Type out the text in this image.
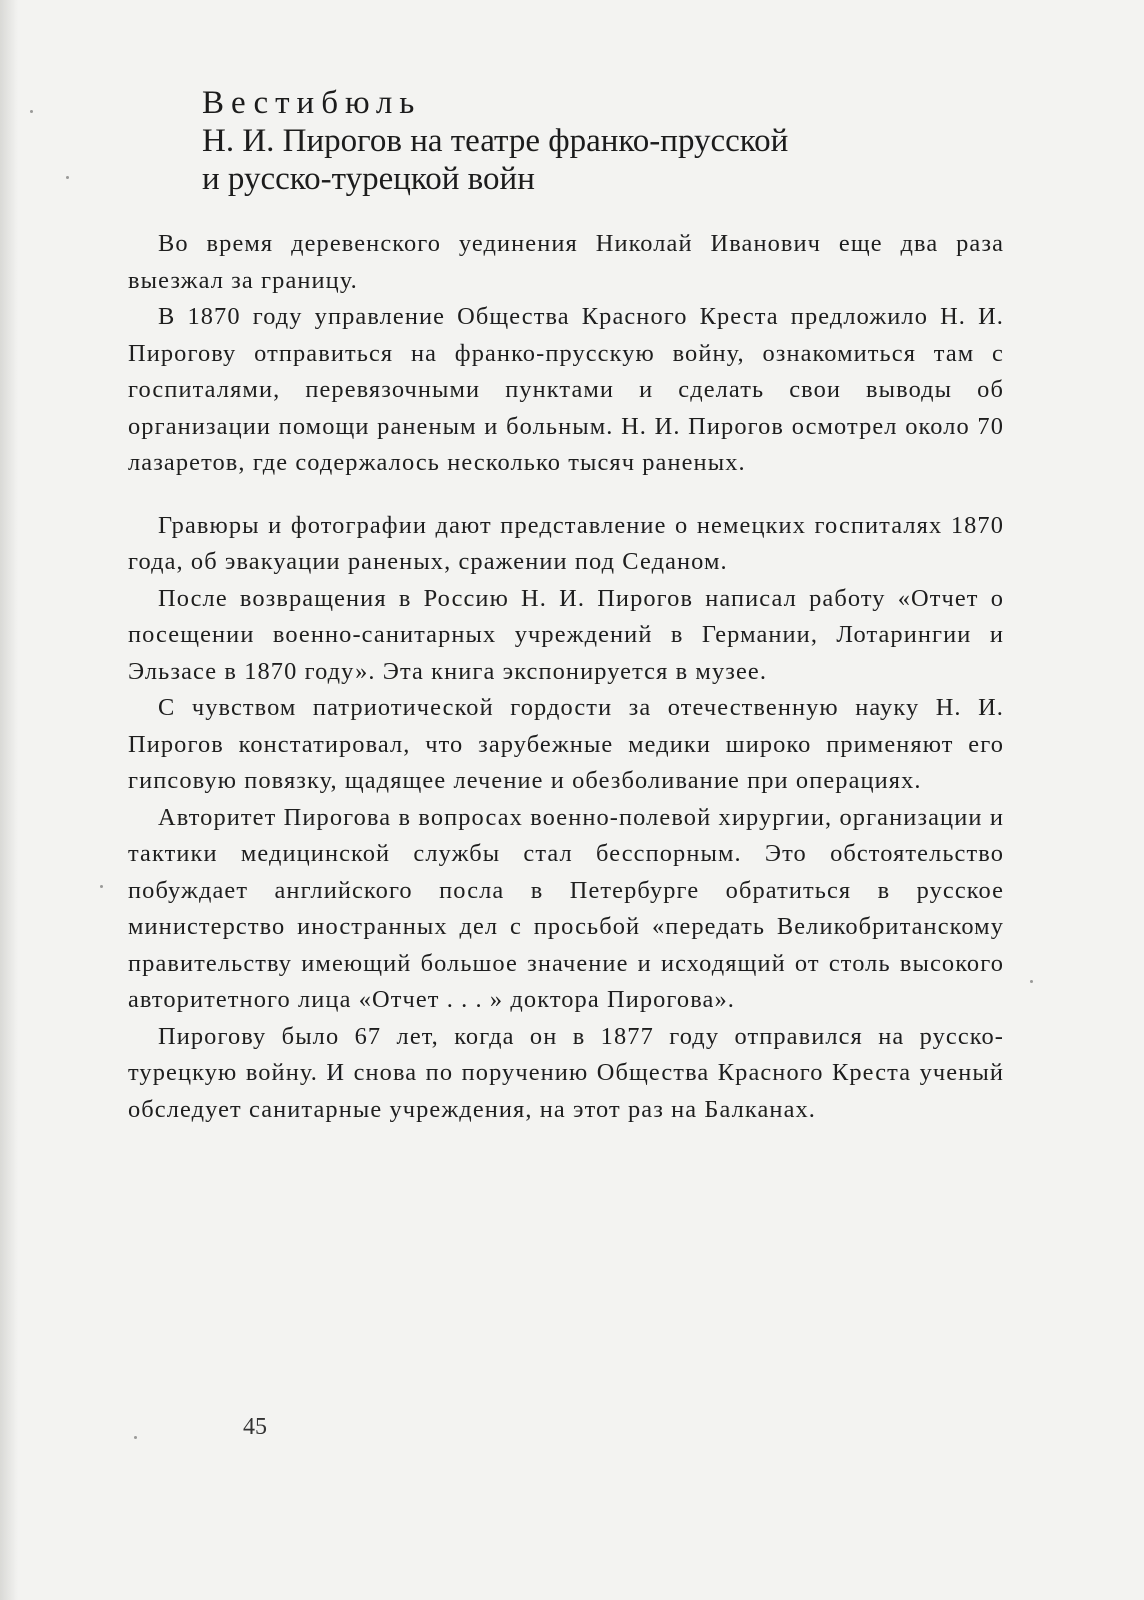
Вестибюль
Н. И. Пирогов на театре франко-прусской
и русско-турецкой войн

Во время деревенского уединения Николай Иванович еще два раза выезжал за границу.

В 1870 году управление Общества Красного Креста предложило Н. И. Пирогову отправиться на франко-прусскую войну, ознакомиться там с госпиталями, перевязочными пунктами и сделать свои выводы об организации помощи раненым и больным. Н. И. Пирогов осмотрел около 70 лазаретов, где содержалось несколько тысяч раненых.

Гравюры и фотографии дают представление о немецких госпиталях 1870 года, об эвакуации раненых, сражении под Седаном.

После возвращения в Россию Н. И. Пирогов написал работу «Отчет о посещении военно-санитарных учреждений в Германии, Лотарингии и Эльзасе в 1870 году». Эта книга экспонируется в музее.

С чувством патриотической гордости за отечественную науку Н. И. Пирогов констатировал, что зарубежные медики широко применяют его гипсовую повязку, щадящее лечение и обезболивание при операциях.

Авторитет Пирогова в вопросах военно-полевой хирургии, организации и тактики медицинской службы стал бесспорным. Это обстоятельство побуждает английского посла в Петербурге обратиться в русское министерство иностранных дел с просьбой «передать Великобританскому правительству имеющий большое значение и исходящий от столь высокого авторитетного лица «Отчет . . . » доктора Пирогова».

Пирогову было 67 лет, когда он в 1877 году отправился на русско-турецкую войну. И снова по поручению Общества Красного Креста ученый обследует санитарные учреждения, на этот раз на Балканах.

45
